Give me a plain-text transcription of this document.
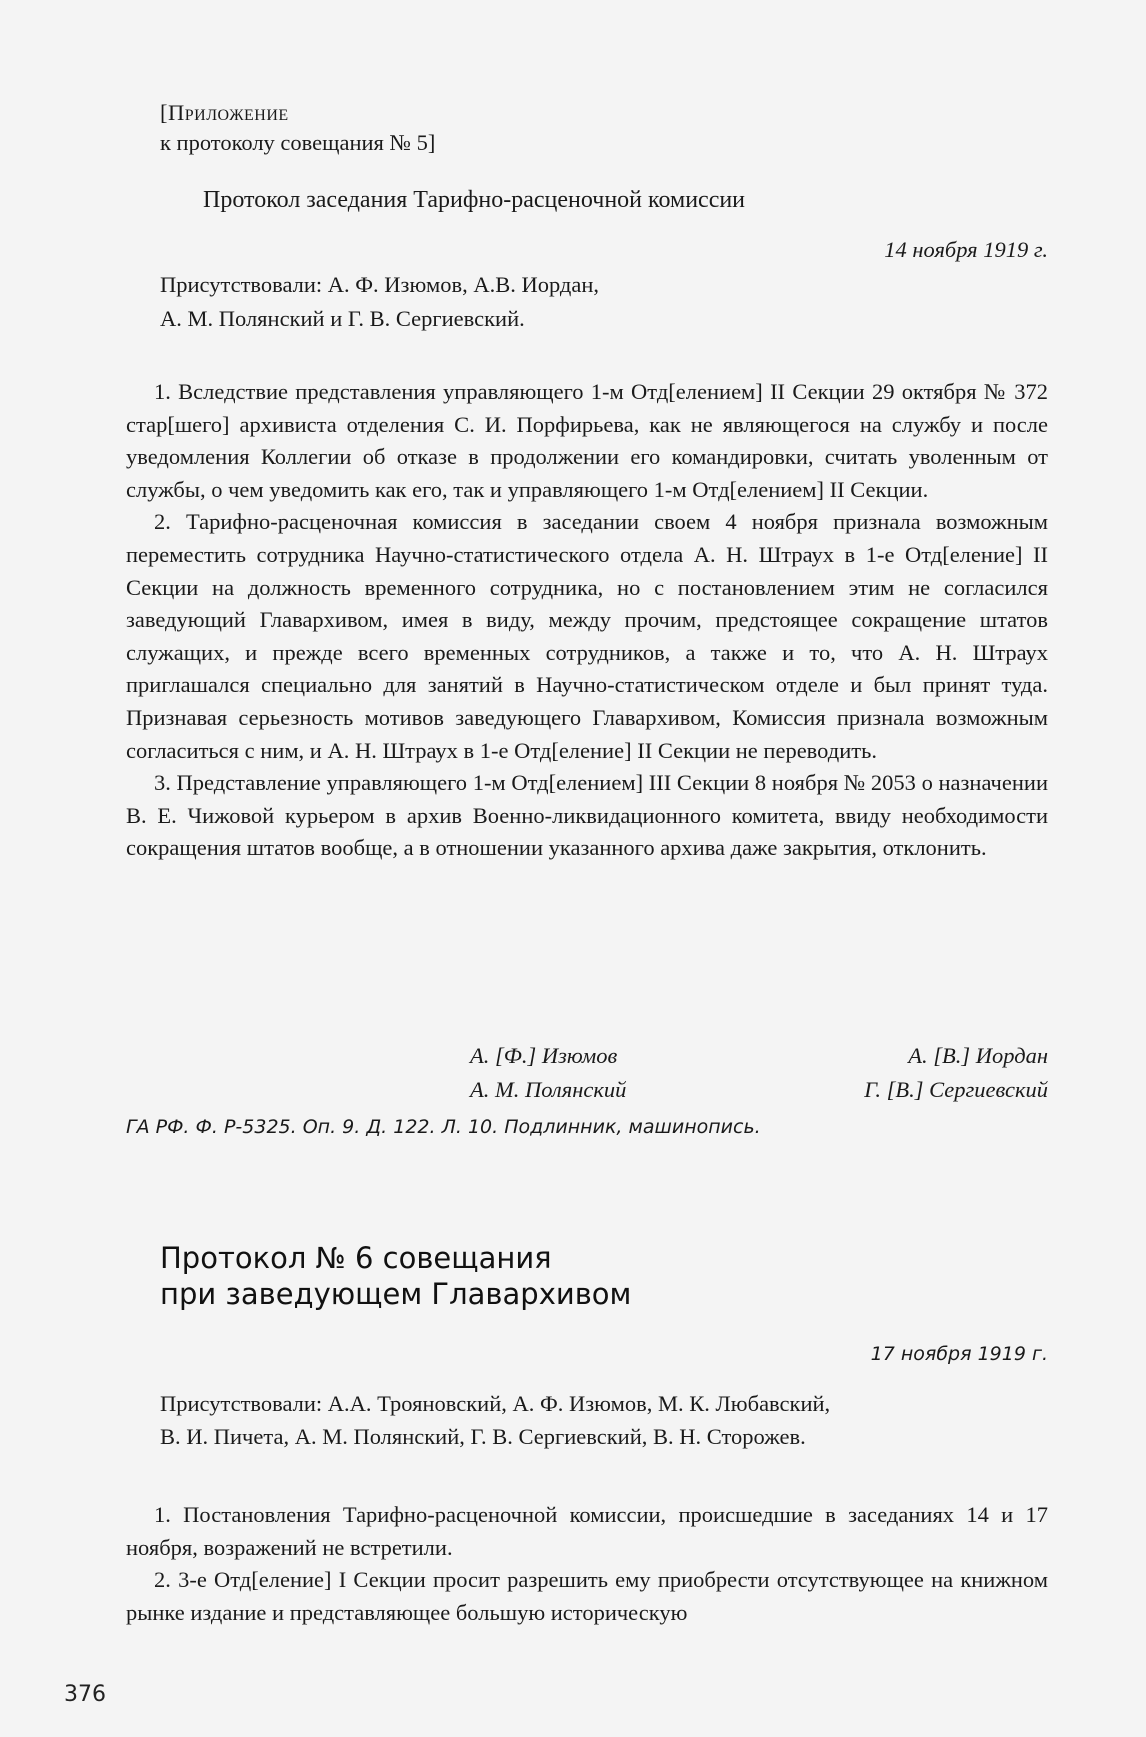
[Приложение
к протоколу совещания № 5]
Протокол заседания Тарифно-расценочной комиссии
14 ноября 1919 г.
Присутствовали: А. Ф. Изюмов, А.В. Иордан,
А. М. Полянский и Г. В. Сергиевский.

1. Вследствие представления управляющего 1-м Отд[елением] II Секции 29 октября № 372 стар[шего] архивиста отделения С. И. Порфирьева, как не являющегося на службу и после уведомления Коллегии об отказе в продолжении его командировки, считать уволенным от службы, о чем уведомить как его, так и управляющего 1-м Отд[елением] II Секции.

2. Тарифно-расценочная комиссия в заседании своем 4 ноября признала возможным переместить сотрудника Научно-статистического отдела А. Н. Штраух в 1-е Отд[еление] II Секции на должность временного сотрудника, но с постановлением этим не согласился заведующий Главархивом, имея в виду, между прочим, предстоящее сокращение штатов служащих, и прежде всего временных сотрудников, а также и то, что А. Н. Штраух приглашался специально для занятий в Научно-статистическом отделе и был принят туда. Признавая серьезность мотивов заведующего Главархивом, Комиссия признала возможным согласиться с ним, и А. Н. Штраух в 1-е Отд[еление] II Секции не переводить.

3. Представление управляющего 1-м Отд[елением] III Секции 8 ноября № 2053 о назначении В. Е. Чижовой курьером в архив Военно-ликвидационного комитета, ввиду необходимости сокращения штатов вообще, а в отношении указанного архива даже закрытия, отклонить.

А. [Ф.] Изюмов	А. [В.] Иордан
А. М. Полянский	Г. [В.] Сергиевский
ГА РФ. Ф. Р-5325. Оп. 9. Д. 122. Л. 10. Подлинник, машинопись.
Протокол № 6 совещания
при заведующем Главархивом
17 ноября 1919 г.
Присутствовали: А.А. Трояновский, А. Ф. Изюмов, М. К. Любавский,
В. И. Пичета, А. М. Полянский, Г. В. Сергиевский, В. Н. Сторожев.

1. Постановления Тарифно-расценочной комиссии, происшедшие в заседаниях 14 и 17 ноября, возражений не встретили.

2. 3-е Отд[еление] I Секции просит разрешить ему приобрести отсутствующее на книжном рынке издание и представляющее большую историческую

376
